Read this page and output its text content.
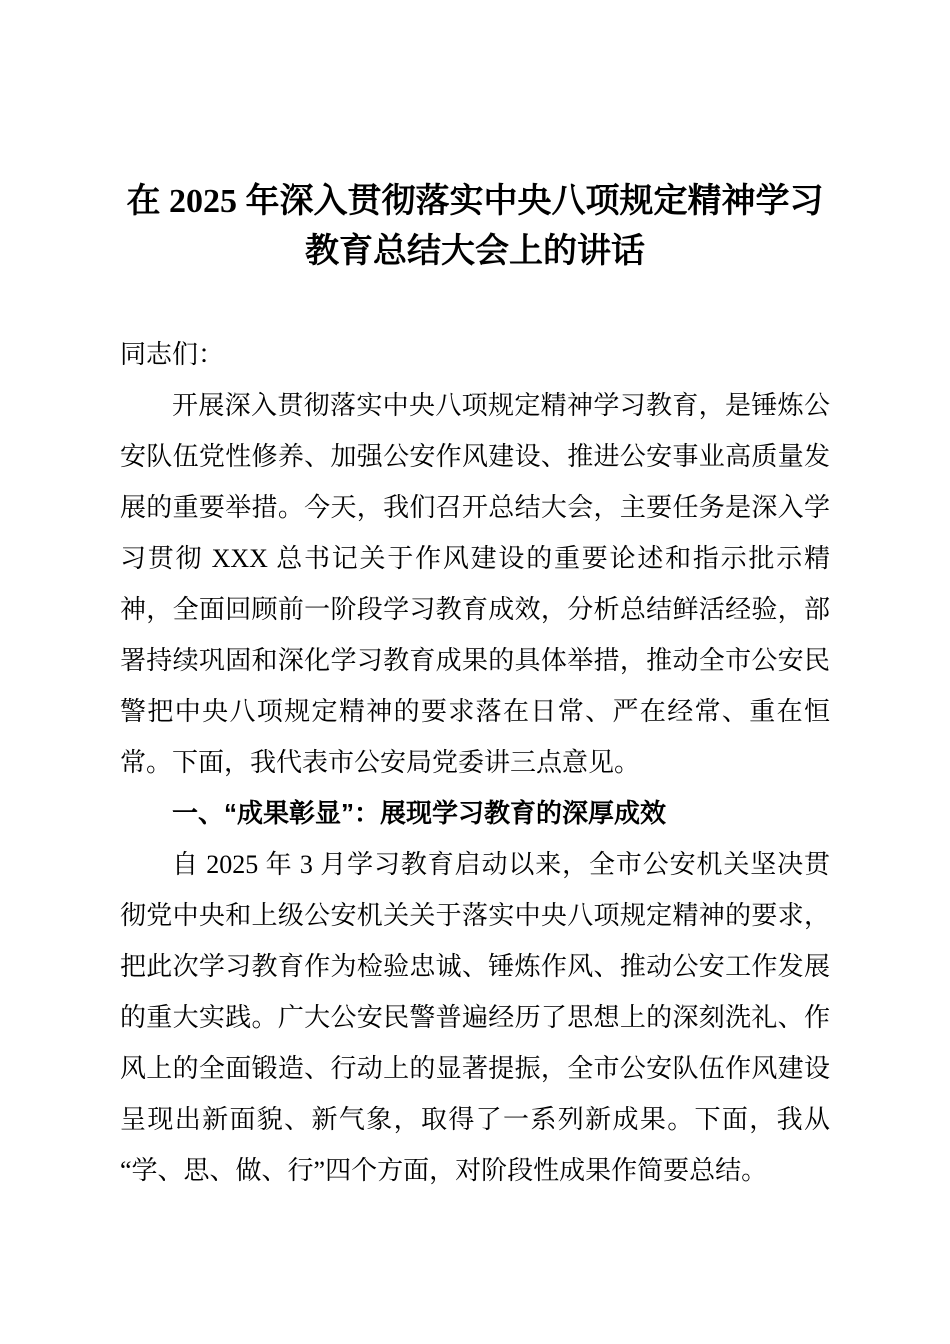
在 2025 年深入贯彻落实中央八项规定精神学习教育总结大会上的讲话

同志们：

开展深入贯彻落实中央八项规定精神学习教育，是锤炼公安队伍党性修养、加强公安作风建设、推进公安事业高质量发展的重要举措。今天，我们召开总结大会，主要任务是深入学习贯彻 XXX 总书记关于作风建设的重要论述和指示批示精神，全面回顾前一阶段学习教育成效，分析总结鲜活经验，部署持续巩固和深化学习教育成果的具体举措，推动全市公安民警把中央八项规定精神的要求落在日常、严在经常、重在恒常。下面，我代表市公安局党委讲三点意见。

一、“成果彰显”：展现学习教育的深厚成效

自 2025 年 3 月学习教育启动以来，全市公安机关坚决贯彻党中央和上级公安机关关于落实中央八项规定精神的要求，把此次学习教育作为检验忠诚、锤炼作风、推动公安工作发展的重大实践。广大公安民警普遍经历了思想上的深刻洗礼、作风上的全面锻造、行动上的显著提振，全市公安队伍作风建设呈现出新面貌、新气象，取得了一系列新成果。下面，我从“学、思、做、行”四个方面，对阶段性成果作简要总结。
